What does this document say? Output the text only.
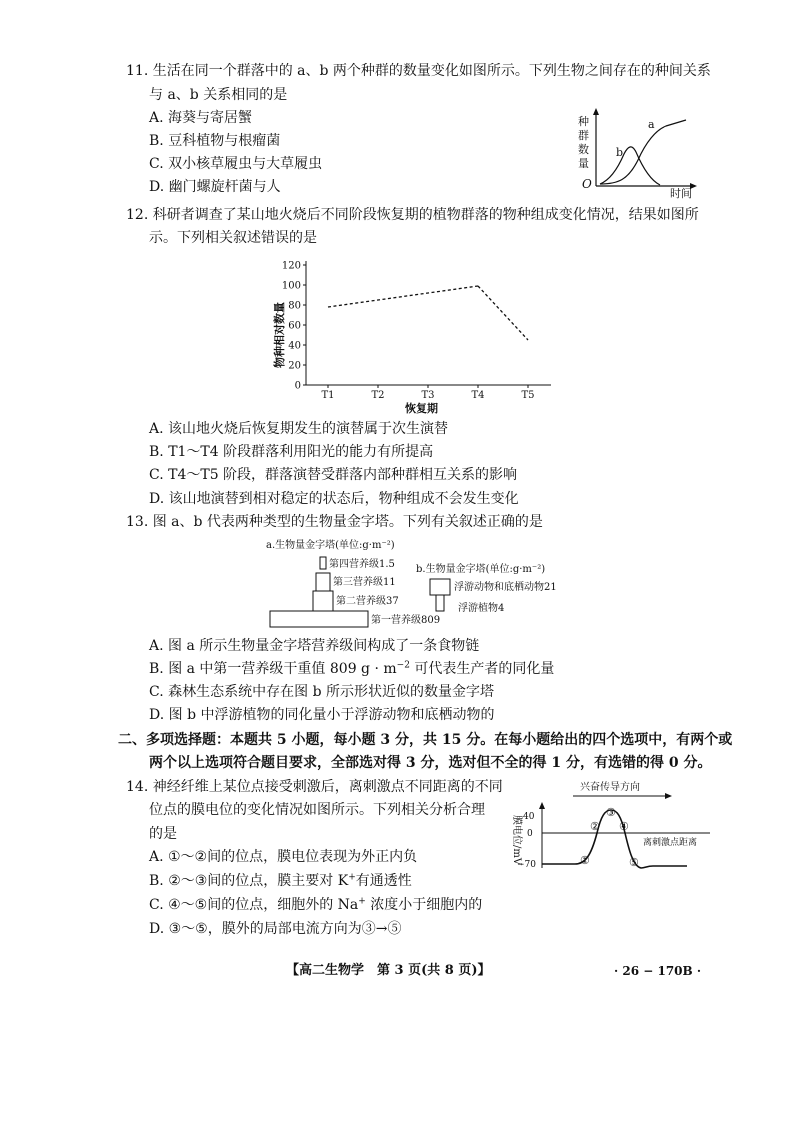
11. 生活在同一个群落中的 a、b 两个种群的数量变化如图所示。下列生物之间存在的种间关系
与 a、b 关系相同的是
A. 海葵与寄居蟹
B. 豆科植物与根瘤菌
C. 双小核草履虫与大草履虫
D. 幽门螺旋杆菌与人
种
群
数
量
O
时间
a
b
12. 科研者调查了某山地火烧后不同阶段恢复期的植物群落的物种组成变化情况，结果如图所
示。下列相关叙述错误的是
物种相对数量
0
20
40
60
80
100
120
T1	T2	T3	T4	T5
恢复期
A. 该山地火烧后恢复期发生的演替属于次生演替
B. T1～T4 阶段群落利用阳光的能力有所提高
C. T4～T5 阶段，群落演替受群落内部种群相互关系的影响
D. 该山地演替到相对稳定的状态后，物种组成不会发生变化
13. 图 a、b 代表两种类型的生物量金字塔。下列有关叙述正确的是
a.生物量金字塔(单位:g·m⁻²)
第四营养级1.5
第三营养级11
第二营养级37
第一营养级809
b.生物量金字塔(单位:g·m⁻²)
浮游动物和底栖动物21
浮游植物4
A. 图 a 所示生物量金字塔营养级间构成了一条食物链
B. 图 a 中第一营养级干重值 809 $g \cdot m^{-2}$ 可代表生产者的同化量
C. 森林生态系统中存在图 b 所示形状近似的数量金字塔
D. 图 b 中浮游植物的同化量小于浮游动物和底栖动物的
二、多项选择题：本题共 5 小题，每小题 3 分，共 15 分。在每小题给出的四个选项中，有两个或
两个以上选项符合题目要求，全部选对得 3 分，选对但不全的得 1 分，有选错的得 0 分。
14. 神经纤维上某位点接受刺激后，离刺激点不同距离的不同
位点的膜电位的变化情况如图所示。下列相关分析合理
的是
A. ①～②间的位点，膜电位表现为外正内负
B. ②～③间的位点，膜主要对 K+有通透性
C. ④～⑤间的位点，细胞外的 Na+ 浓度小于细胞内的
D. ③～⑤，膜外的局部电流方向为③→⑤
兴奋传导方向
膜电位/mV 40
0
−70
离刺激点距离
①
②
③
④
⑤
【高二生物学　第 3 页(共 8 页)】	· 26 − 170B ·
